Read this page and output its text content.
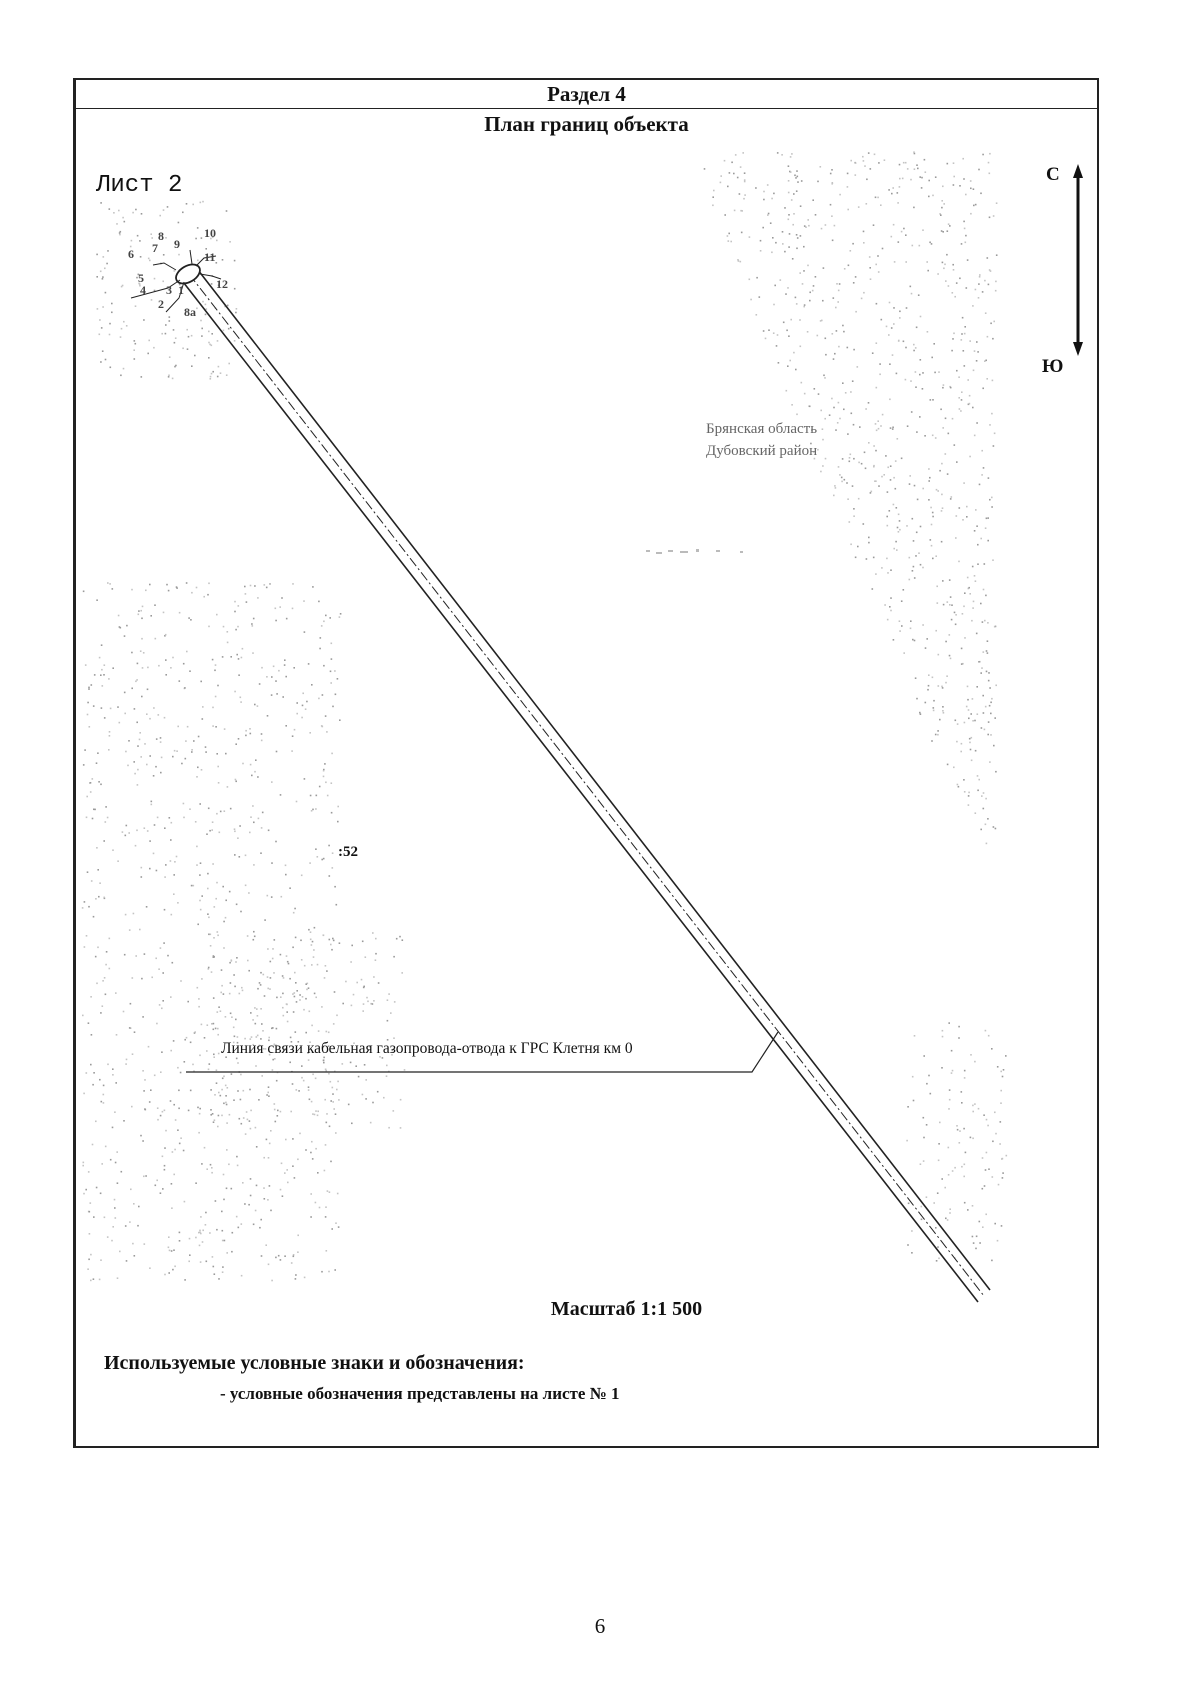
8
7 9
10
11
12
6
5
4 3
2
1
8a
Раздел 4
План границ объекта
Лист 2	С
Ю
Брянская область
Дубовский район
:52
Линия связи кабельная газопровода-отвода к ГРС Клетня км 0
Масштаб 1:1 500
Используемые условные знаки и обозначения:
- условные обозначения представлены на листе № 1
6
